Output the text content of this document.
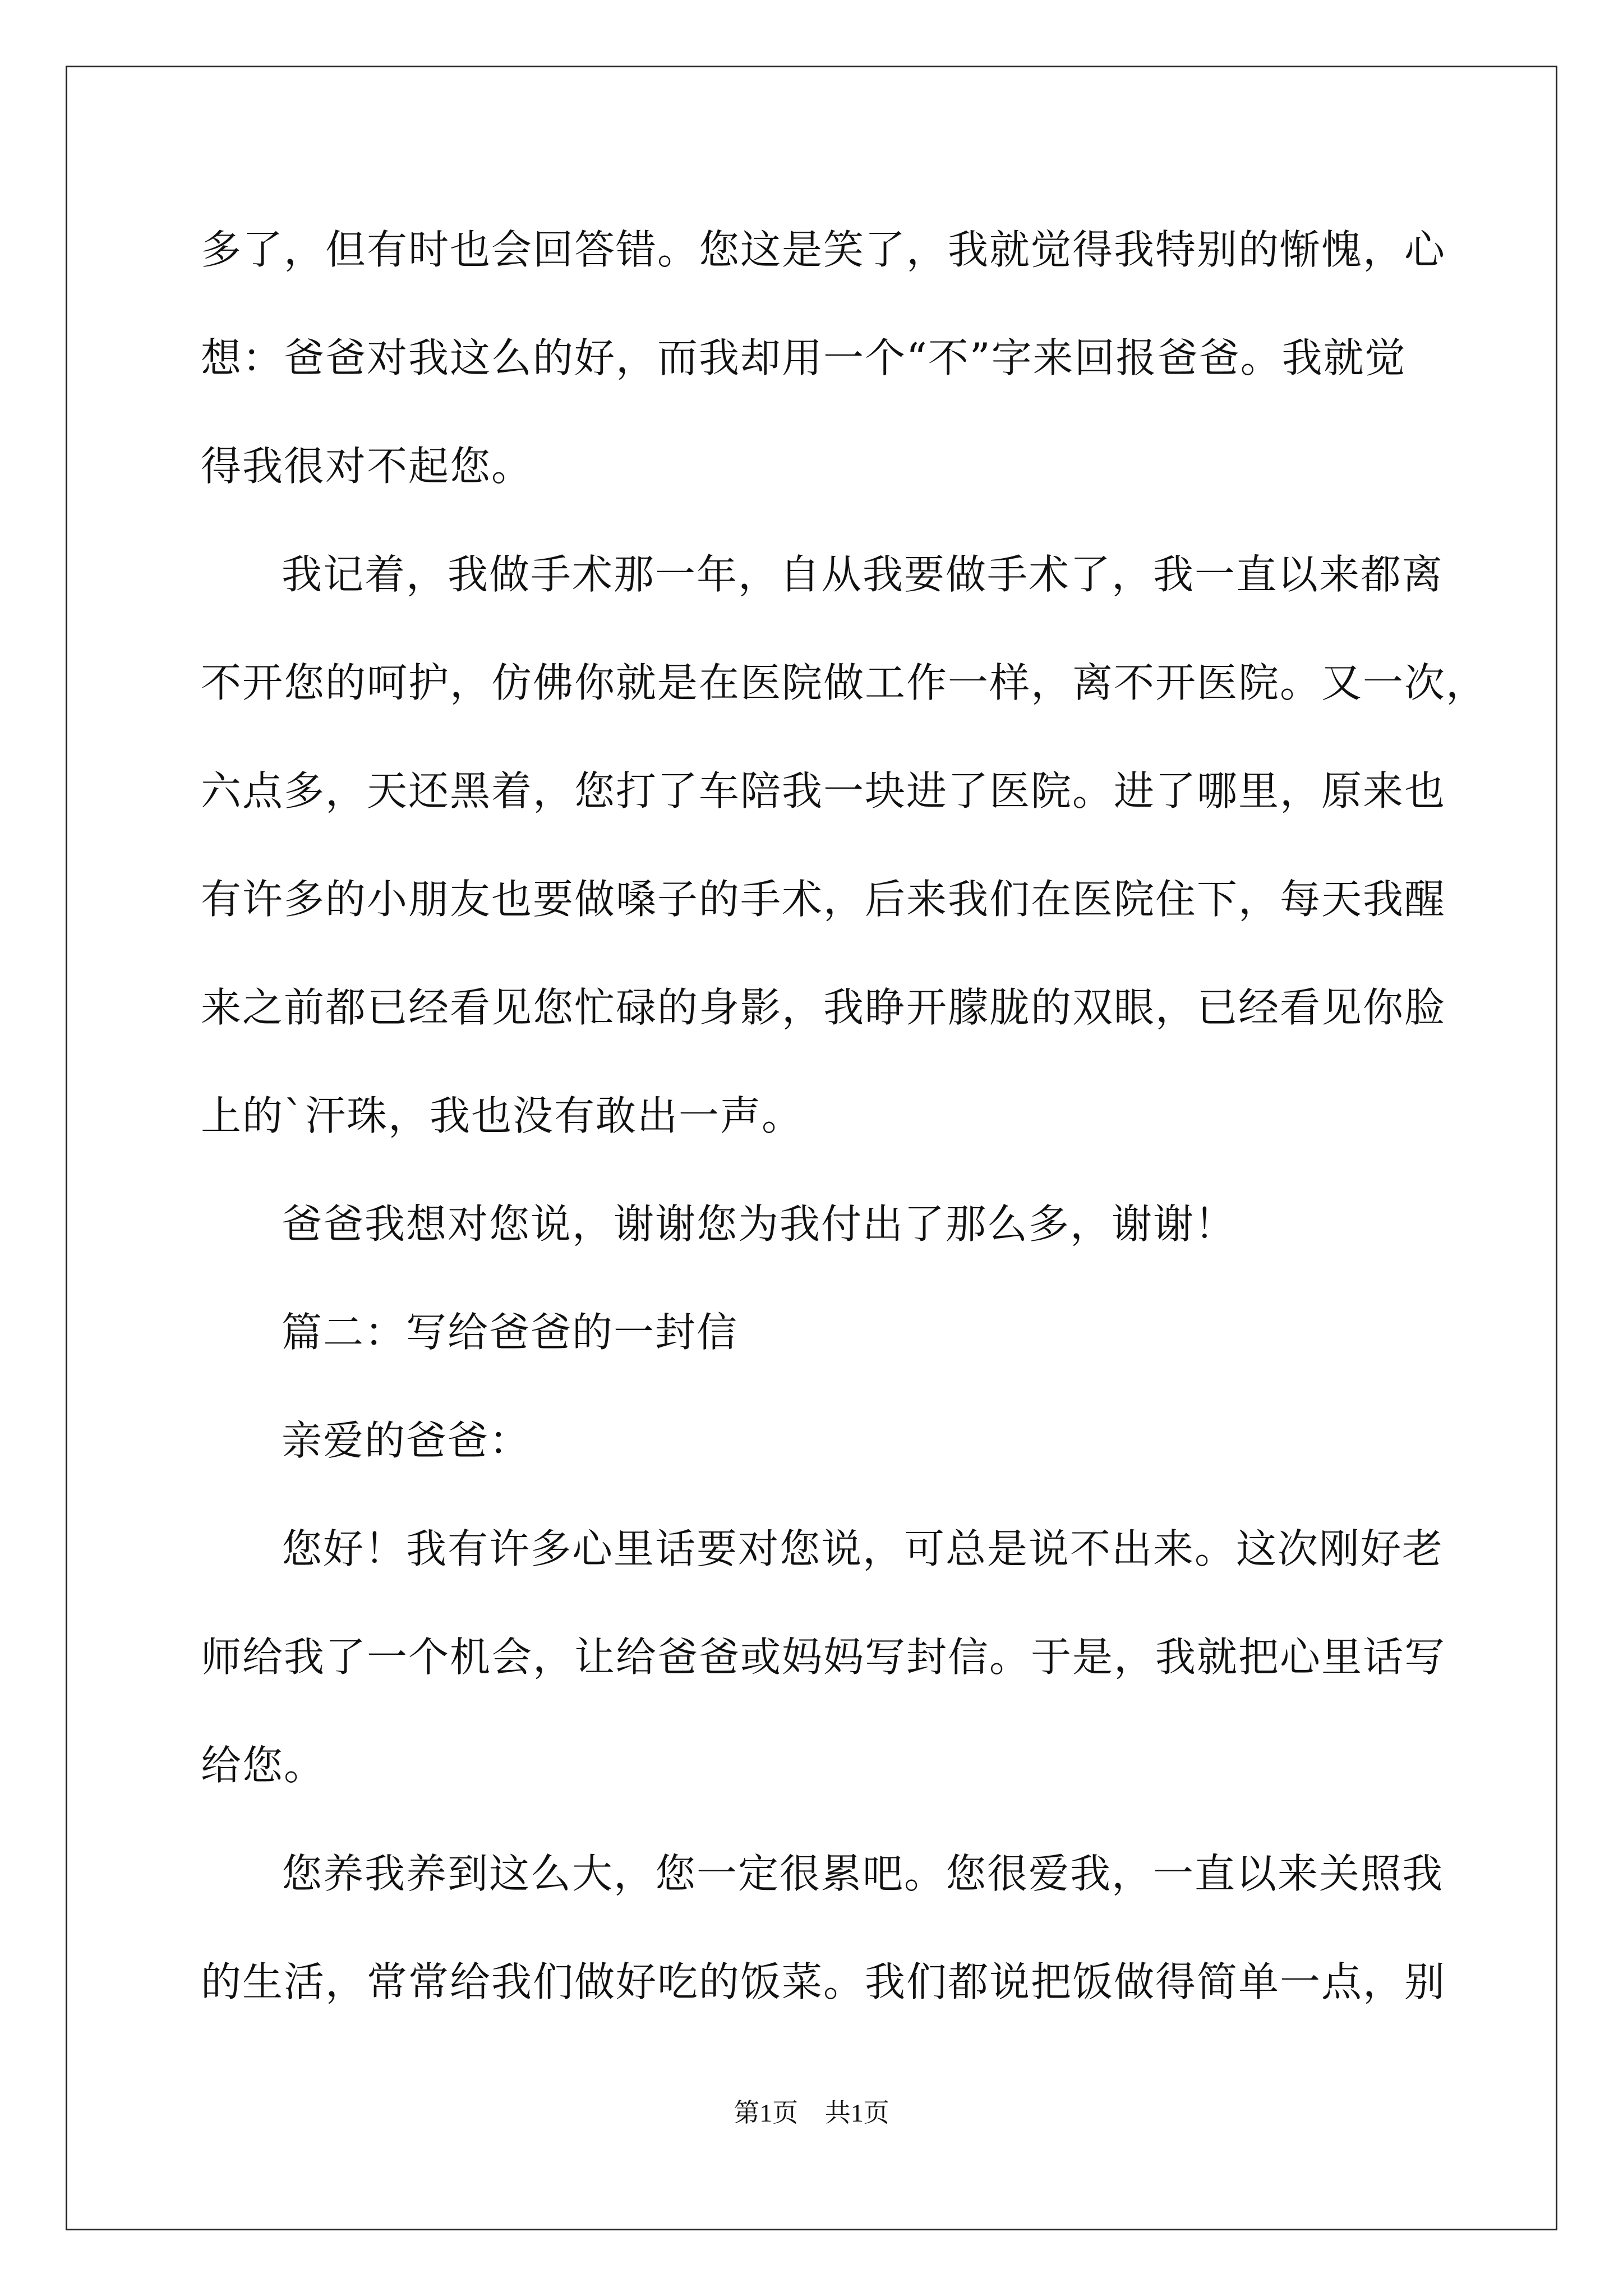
多了，但有时也会回答错。您这是笑了，我就觉得我特别的惭愧，心
想：爸爸对我这么的好，而我却用一个“不”字来回报爸爸。我就觉
得我很对不起您。
我记着，我做手术那一年，自从我要做手术了，我一直以来都离
不开您的呵护，仿佛你就是在医院做工作一样，离不开医院。又一次，
六点多，天还黑着，您打了车陪我一块进了医院。进了哪里，原来也
有许多的小朋友也要做嗓子的手术，后来我们在医院住下，每天我醒
来之前都已经看见您忙碌的身影，我睁开朦胧的双眼，已经看见你脸
上的`汗珠，我也没有敢出一声。
爸爸我想对您说，谢谢您为我付出了那么多，谢谢！
篇二：写给爸爸的一封信
亲爱的爸爸：
您好！我有许多心里话要对您说，可总是说不出来。这次刚好老
师给我了一个机会，让给爸爸或妈妈写封信。于是，我就把心里话写
给您。
您养我养到这么大，您一定很累吧。您很爱我，一直以来关照我
的生活，常常给我们做好吃的饭菜。我们都说把饭做得简单一点，别
第1页 共1页
